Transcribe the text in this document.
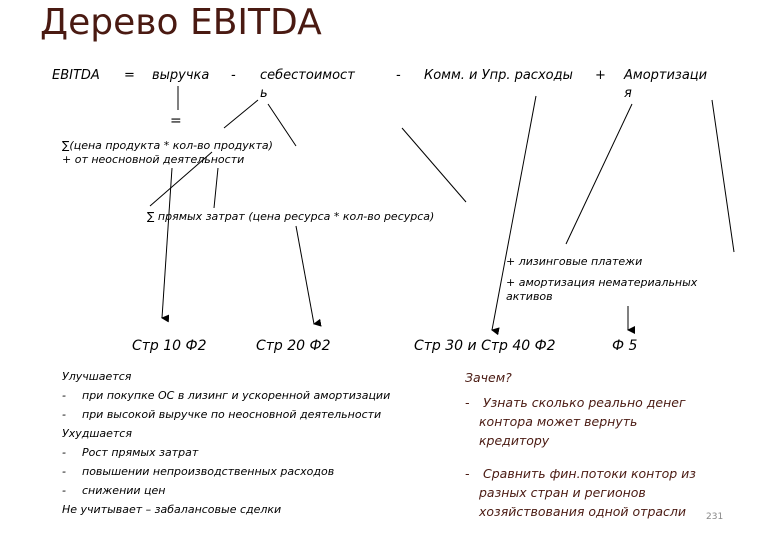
Дерево EBITDA
EBITDA = выручка - себестоимост
ь
- Комм. и Упр. расходы + Амортизаци
я
=
∑(цена продукта * кол-во продукта)
+ от неосновной деятельности
∑ прямых затрат (цена ресурса * кол-во ресурса)
+ лизинговые платежи
+ амортизация нематериальных
активов
Стр 10 Ф2	Стр 20 Ф2	Стр 30 и Стр 40 Ф2	Ф 5
Улучшается
- при покупке ОС в лизинг и ускоренной амортизации
- при высокой выручке по неосновной деятельности
Ухудшается
- Рост прямых затрат
- повышении непроизводственных расходов
- снижении цен
Не учитывает – забалансовые сделки
Зачем?
- Узнать сколько реально денег
контора может вернуть
кредитору
- Сравнить фин.потоки контор из
разных стран и регионов
хозяйствования одной отрасли	231
